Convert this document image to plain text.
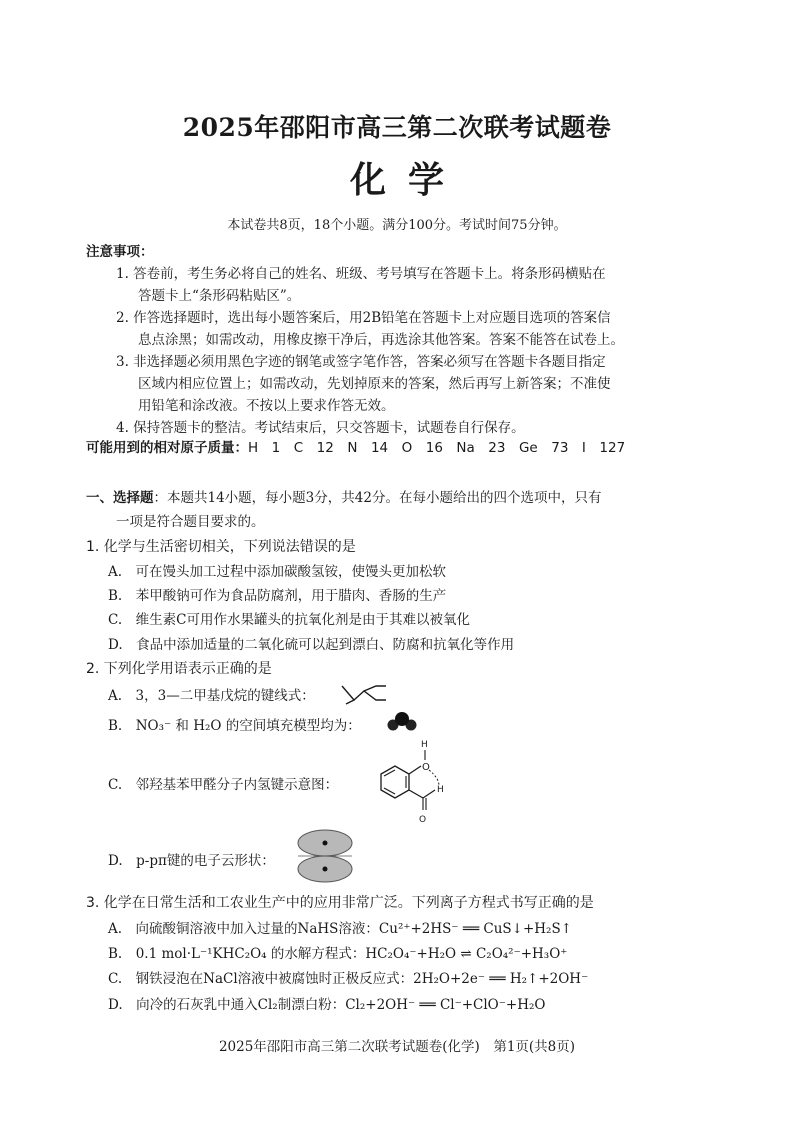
2025年邵阳市高三第二次联考试题卷
化学
本试卷共8页，18个小题。满分100分。考试时间75分钟。
注意事项：
1. 答卷前，考生务必将自己的姓名、班级、考号填写在答题卡上。将条形码横贴在
答题卡上“条形码粘贴区”。
2. 作答选择题时，选出每小题答案后，用2B铅笔在答题卡上对应题目选项的答案信
息点涂黑；如需改动，用橡皮擦干净后，再选涂其他答案。答案不能答在试卷上。
3. 非选择题必须用黑色字迹的钢笔或签字笔作答，答案必须写在答题卡各题目指定
区域内相应位置上；如需改动，先划掉原来的答案，然后再写上新答案；不准使
用铅笔和涂改液。不按以上要求作答无效。
4. 保持答题卡的整洁。考试结束后，只交答题卡，试题卷自行保存。
可能用到的相对原子质量：H　1　C　12　N　14　O　16　Na　23　Ge　73　I　127
一、选择题：本题共14小题，每小题3分，共42分。在每小题给出的四个选项中，只有
一项是符合题目要求的。
1. 化学与生活密切相关，下列说法错误的是
A.　可在馒头加工过程中添加碳酸氢铵，使馒头更加松软
B.　苯甲酸钠可作为食品防腐剂，用于腊肉、香肠的生产
C.　维生素C可用作水果罐头的抗氧化剂是由于其难以被氧化
D.　食品中添加适量的二氧化硫可以起到漂白、防腐和抗氧化等作用
2. 下列化学用语表示正确的是
A.　3，3—二甲基戊烷的键线式：
B.　NO₃⁻ 和 H₂O 的空间填充模型均为：
C.　邻羟基苯甲醛分子内氢键示意图：
O
H
O
H
D.　p-pπ键的电子云形状：
3. 化学在日常生活和工农业生产中的应用非常广泛。下列离子方程式书写正确的是
A.　向硫酸铜溶液中加入过量的NaHS溶液：Cu²⁺+2HS⁻ ══ CuS↓+H₂S↑
B.　0.1 mol·L⁻¹KHC₂O₄ 的水解方程式：HC₂O₄⁻+H₂O ⇌ C₂O₄²⁻+H₃O⁺
C.　钢铁浸泡在NaCl溶液中被腐蚀时正极反应式：2H₂O+2e⁻ ══ H₂↑+2OH⁻
D.　向冷的石灰乳中通入Cl₂制漂白粉：Cl₂+2OH⁻ ══ Cl⁻+ClO⁻+H₂O
2025年邵阳市高三第二次联考试题卷(化学)　第1页(共8页)
